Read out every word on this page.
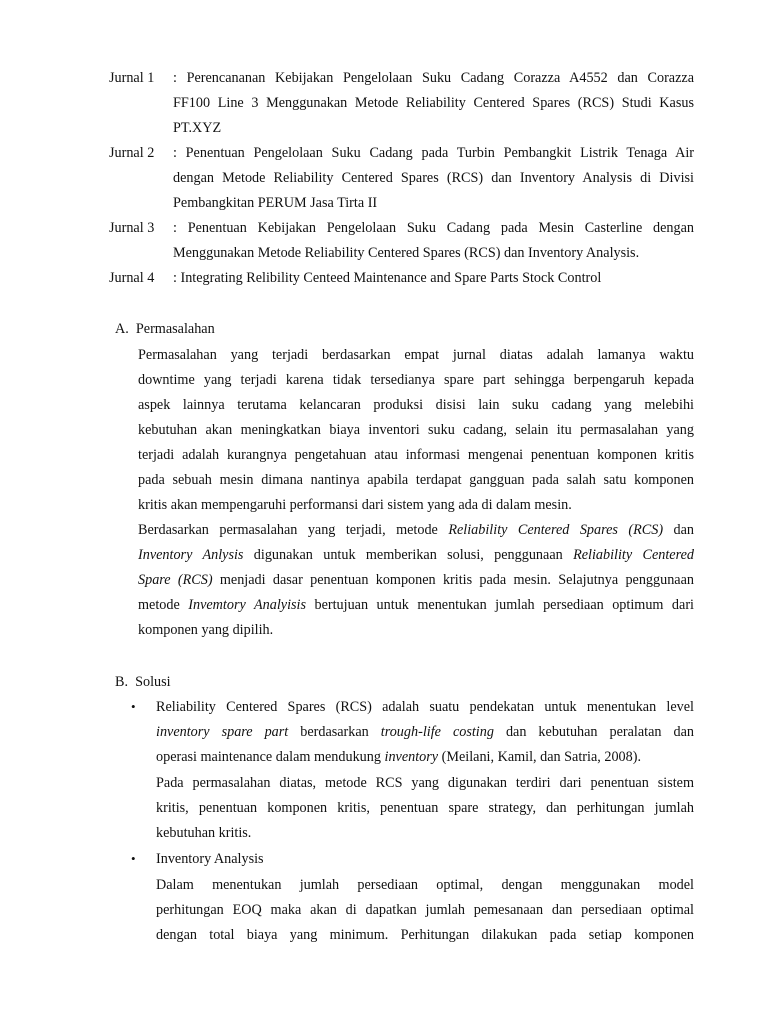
Jurnal 1 : Perencananan Kebijakan Pengelolaan Suku Cadang Corazza A4552 dan Corazza
FF100 Line 3 Menggunakan Metode Reliability Centered Spares (RCS) Studi Kasus
PT.XYZ
Jurnal 2 : Penentuan Pengelolaan Suku Cadang pada Turbin Pembangkit Listrik Tenaga Air
dengan Metode Reliability Centered Spares (RCS) dan Inventory Analysis di Divisi
Pembangkitan PERUM Jasa Tirta II
Jurnal 3 : Penentuan Kebijakan Pengelolaan Suku Cadang pada Mesin Casterline dengan
Menggunakan Metode Reliability Centered Spares (RCS) dan Inventory Analysis.
Jurnal 4 : Integrating Relibility Centeed Maintenance and Spare Parts Stock Control
A.  Permasalahan
Permasalahan yang terjadi berdasarkan empat jurnal diatas adalah lamanya waktu
downtime yang terjadi karena tidak tersedianya spare part sehingga berpengaruh kepada
aspek lainnya terutama kelancaran produksi disisi lain suku cadang yang melebihi
kebutuhan akan meningkatkan biaya inventori suku cadang, selain itu permasalahan yang
terjadi adalah kurangnya pengetahuan atau informasi mengenai penentuan komponen kritis
pada sebuah mesin dimana nantinya apabila terdapat gangguan pada salah satu komponen
kritis akan mempengaruhi performansi dari sistem yang ada di dalam mesin.
Berdasarkan permasalahan yang terjadi, metode Reliability Centered Spares (RCS) dan
Inventory Anlysis digunakan untuk memberikan solusi, penggunaan Reliability Centered
Spare (RCS) menjadi dasar penentuan komponen kritis pada mesin. Selajutnya penggunaan
metode Invemtory Analyisis bertujuan untuk menentukan jumlah persediaan optimum dari
komponen yang dipilih.
B.  Solusi
• Reliability Centered Spares (RCS) adalah suatu pendekatan untuk menentukan level
inventory spare part berdasarkan trough-life costing dan kebutuhan peralatan dan
operasi maintenance dalam mendukung inventory (Meilani, Kamil, dan Satria, 2008).
Pada permasalahan diatas, metode RCS yang digunakan terdiri dari penentuan sistem
kritis, penentuan komponen kritis, penentuan spare strategy, dan perhitungan jumlah
kebutuhan kritis.
• Inventory Analysis
Dalam menentukan jumlah persediaan optimal, dengan menggunakan model
perhitungan EOQ maka akan di dapatkan jumlah pemesanaan dan persediaan optimal
dengan total biaya yang minimum. Perhitungan dilakukan pada setiap komponen
